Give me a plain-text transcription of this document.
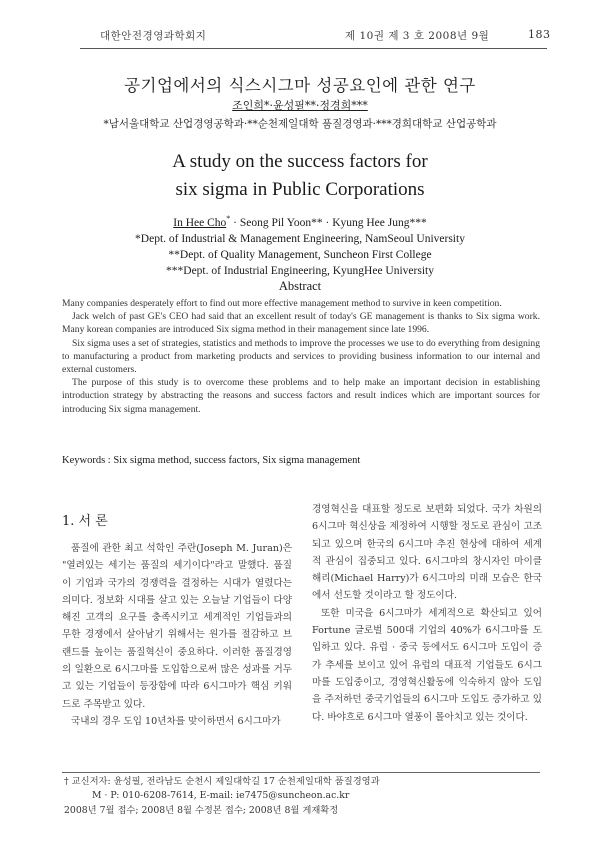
대한안전경영과학회지	제 10권 제 3 호 2008년 9월	183
공기업에서의 식스시그마 성공요인에 관한 연구
조인희*·윤성필**·정경희***
*남서울대학교 산업경영공학과·**순천제일대학 품질경영과·***경희대학교 산업공학과
A study on the success factors for
six sigma in Public Corporations
In Hee Cho* · Seong Pil Yoon** · Kyung Hee Jung***
*Dept. of Industrial & Management Engineering, NamSeoul University
**Dept. of Quality Management, Suncheon First College
***Dept. of Industrial Engineering, KyungHee University
Abstract

Many companies desperately effort to find out more effective management method to survive in keen competition.

Jack welch of past GE's CEO had said that an excellent result of today's GE management is thanks to Six sigma work. Many korean companies are introduced Six sigma method in their management since late 1996.

Six sigma uses a set of strategies, statistics and methods to improve the processes we use to do everything from designing to manufacturing a product from marketing products and services to providing business information to our internal and external customers.

The purpose of this study is to overcome these problems and to help make an important decision in establishing introduction strategy by abstracting the reasons and success factors and result indices which are important sources for introducing Six sigma management.

Keywords : Six sigma method, success factors, Six sigma management
1. 서 론

품질에 관한 최고 석학인 주란(Joseph M. Juran)은 "열려있는 세기는 품질의 세기이다"라고 말했다. 품질이 기업과 국가의 경쟁력을 결정하는 시대가 열렸다는 의미다. 정보화 시대를 살고 있는 오늘날 기업들이 다양해진 고객의 요구를 충족시키고 세계적인 기업들과의 무한 경쟁에서 살아남기 위해서는 원가를 절감하고 브랜드를 높이는 품질혁신이 중요하다. 이러한 품질경영의 일환으로 6시그마를 도입함으로써 많은 성과를 거두고 있는 기업들이 등장함에 따라 6시그마가 핵심 키워드로 주목받고 있다.

국내의 경우 도입 10년차를 맞이하면서 6시그마가

경영혁신을 대표할 정도로 보편화 되었다. 국가 차원의 6시그마 혁신상을 제정하여 시행할 정도로 관심이 고조되고 있으며 한국의 6시그마 추진 현상에 대하여 세계적 관심이 집중되고 있다. 6시그마의 창시자인 마이클 해리(Michael Harry)가 6시그마의 미래 모습은 한국에서 선도할 것이라고 할 정도이다.

또한 미국을 6시그마가 세계적으로 확산되고 있어 Fortune 글로벌 500대 기업의 40%가 6시그마를 도입하고 있다. 유럽 · 중국 등에서도 6시그마 도입이 증가 추세를 보이고 있어 유럽의 대표적 기업들도 6시그마를 도입중이고, 경영혁신활동에 익숙하지 않아 도입을 주저하던 중국기업들의 6시그마 도입도 증가하고 있다. 바야흐로 6시그마 열풍이 몰아치고 있는 것이다.

† 교신저자: 윤성필, 전라남도 순천시 제일대학길 17 순천제일대학 품질경영과
M · P: 010-6208-7614, E-mail: ie7475@suncheon.ac.kr
2008년 7월 접수; 2008년 8월 수정본 접수; 2008년 8월 게재확정
